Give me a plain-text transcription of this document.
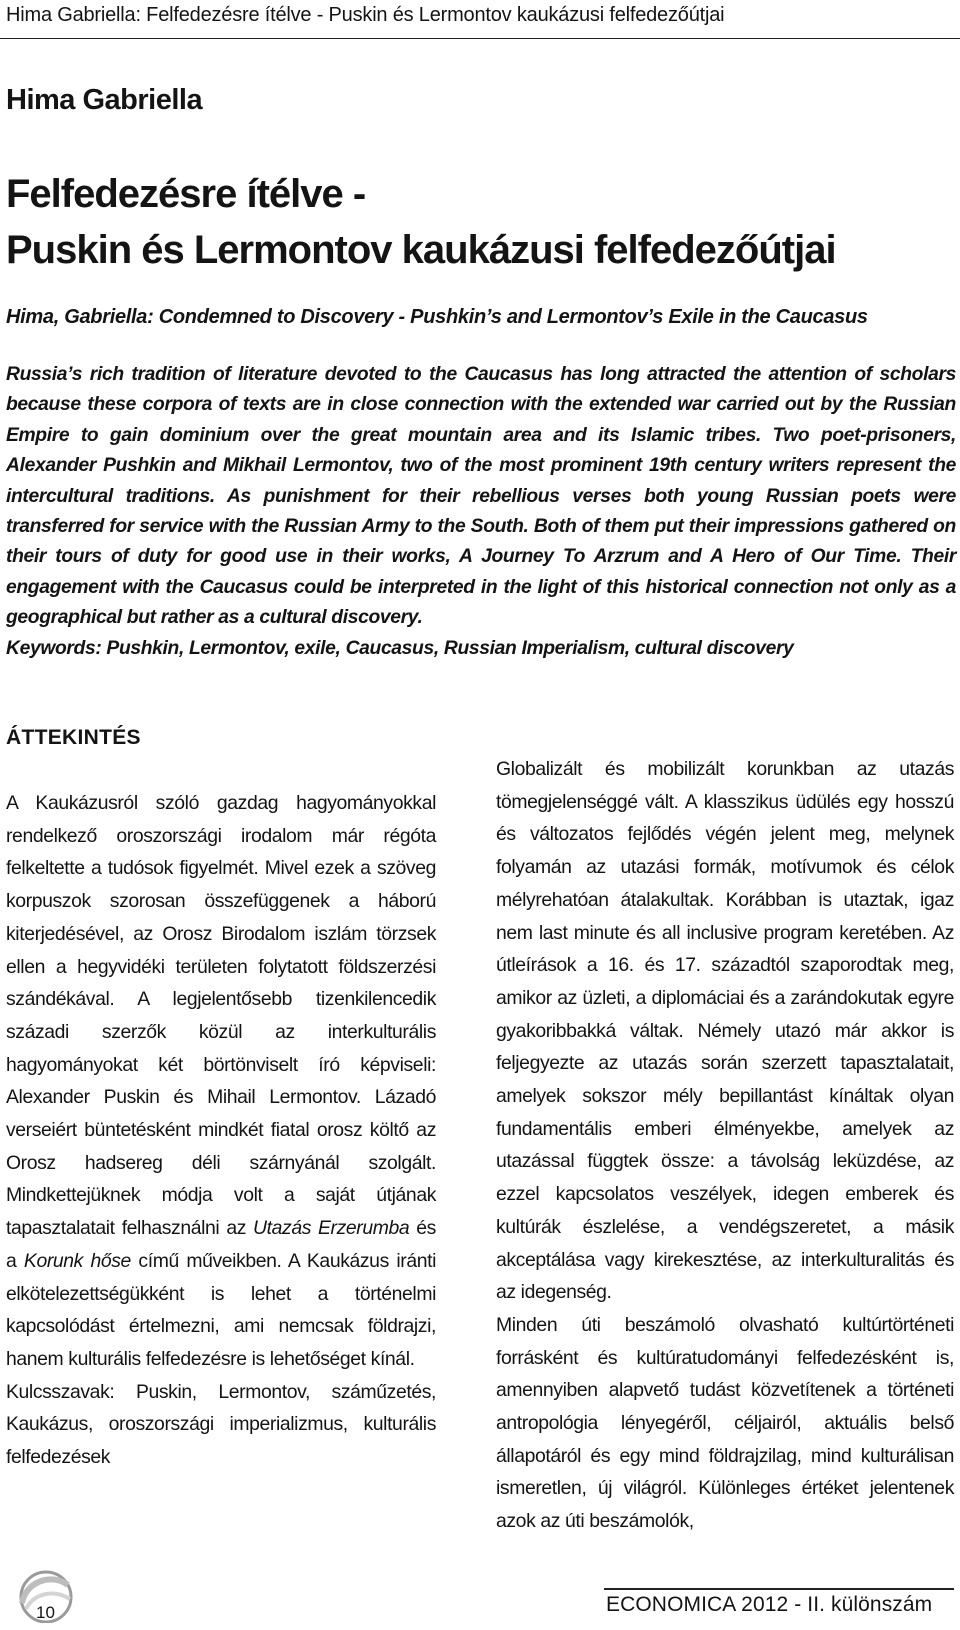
Hima Gabriella: Felfedezésre ítélve - Puskin és Lermontov kaukázusi felfedezőútjai
Hima Gabriella
Felfedezésre ítélve -
Puskin és Lermontov kaukázusi felfedezőútjai
Hima, Gabriella: Condemned to Discovery - Pushkin’s and Lermontov’s Exile in the Caucasus

Russia’s rich tradition of literature devoted to the Caucasus has long attracted the attention of scholars because these corpora of texts are in close connection with the extended war carried out by the Russian Empire to gain dominium over the great mountain area and its Islamic tribes. Two poet-prisoners, Alexander Pushkin and Mikhail Lermontov, two of the most prominent 19th century writers represent the intercultural traditions. As punishment for their rebellious verses both young Russian poets were transferred for service with the Russian Army to the South. Both of them put their impressions gathered on their tours of duty for good use in their works, A Journey To Arzrum and A Hero of Our Time. Their engagement with the Caucasus could be interpreted in the light of this historical connection not only as a geographical but rather as a cultural discovery.

Keywords: Pushkin, Lermontov, exile, Caucasus, Russian Imperialism, cultural discovery

ÁTTEKINTÉS

A Kaukázusról szóló gazdag hagyományokkal rendelkező oroszországi irodalom már régóta felkeltette a tudósok figyelmét. Mivel ezek a szöveg korpuszok szorosan összefüggenek a háború kiterjedésével, az Orosz Birodalom iszlám törzsek ellen a hegyvidéki területen folytatott földszerzési szándékával. A legjelentősebb tizenkilencedik századi szerzők közül az interkulturális hagyományokat két börtönviselt író képviseli: Alexander Puskin és Mihail Lermontov. Lázadó verseiért büntetésként mindkét fiatal orosz költő az Orosz hadsereg déli szárnyánál szolgált. Mindkettejüknek módja volt a saját útjának tapasztalatait felhasználni az Utazás Erzerumba és a Korunk hőse című műveikben. A Kaukázus iránti elkötelezettségükként is lehet a történelmi kapcsolódást értelmezni, ami nemcsak földrajzi, hanem kulturális felfedezésre is lehetőséget kínál.

Kulcsszavak: Puskin, Lermontov, száműzetés, Kaukázus, oroszországi imperializmus, kulturális felfedezések

Globalizált és mobilizált korunkban az utazás tömegjelenséggé vált. A klasszikus üdülés egy hosszú és változatos fejlődés végén jelent meg, melynek folyamán az utazási formák, motívumok és célok mélyrehatóan átalakultak. Korábban is utaztak, igaz nem last minute és all inclusive program keretében. Az útleírások a 16. és 17. századtól szaporodtak meg, amikor az üzleti, a diplomáciai és a zarándokutak egyre gyakoribbakká váltak. Némely utazó már akkor is feljegyezte az utazás során szerzett tapasztalatait, amelyek sokszor mély bepillantást kínáltak olyan fundamentális emberi élményekbe, amelyek az utazással függtek össze: a távolság leküzdése, az ezzel kapcsolatos veszélyek, idegen emberek és kultúrák észlelése, a vendégszeretet, a másik akceptálása vagy kirekesztése, az interkulturalitás és az idegenség.

Minden úti beszámoló olvasható kultúrtörténeti forrásként és kultúratudományi felfedezésként is, amennyiben alapvető tudást közvetítenek a történeti antropológia lényegéről, céljairól, aktuális belső állapotáról és egy mind földrajzilag, mind kulturálisan ismeretlen, új világról. Különleges értéket jelentenek azok az úti beszámolók,

10	ECONOMICA 2012 - II. különszám
